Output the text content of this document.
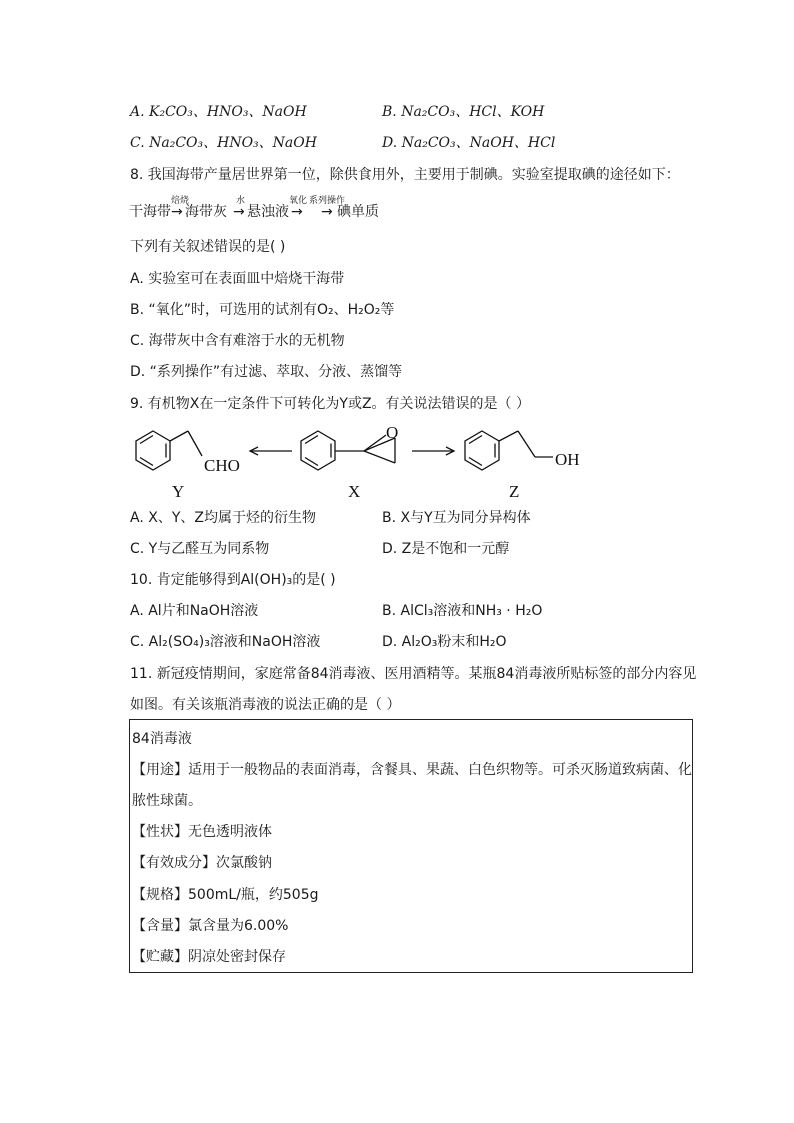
A. K₂CO₃、HNO₃、NaOH	B. Na₂CO₃、HCl、KOH
C. Na₂CO₃、HNO₃、NaOH	D. Na₂CO₃、NaOH、HCl
8. 我国海带产量居世界第一位，除供食用外，主要用于制碘。实验室提取碘的途径如下：
干海带
焙烧
→ 海带灰
水
→ 悬浊液
氧化
→
系列操作
→ 碘单质
下列有关叙述错误的是( )
A. 实验室可在表面皿中焙烧干海带
B. “氧化”时，可选用的试剂有O₂、H₂O₂等
C. 海带灰中含有难溶于水的无机物
D. “系列操作”有过滤、萃取、分液、蒸馏等
9. 有机物X在一定条件下可转化为Y或Z。有关说法错误的是（ ）
CHO
O
OH
Y	X	Z
A. X、Y、Z均属于烃的衍生物	B. X与Y互为同分异构体
C. Y与乙醛互为同系物	D. Z是不饱和一元醇
10. 肯定能够得到Al(OH)₃的是( )
A. Al片和NaOH溶液	B. AlCl₃溶液和NH₃ · H₂O
C. Al₂(SO₄)₃溶液和NaOH溶液	D. Al₂O₃粉末和H₂O
11. 新冠疫情期间，家庭常备84消毒液、医用酒精等。某瓶84消毒液所贴标签的部分内容见
如图。有关该瓶消毒液的说法正确的是（ ）
84消毒液
【用途】适用于一般物品的表面消毒，含餐具、果蔬、白色织物等。可杀灭肠道致病菌、化
脓性球菌。
【性状】无色透明液体
【有效成分】次氯酸钠
【规格】500mL/瓶，约505g
【含量】氯含量为6.00%
【贮藏】阴凉处密封保存
